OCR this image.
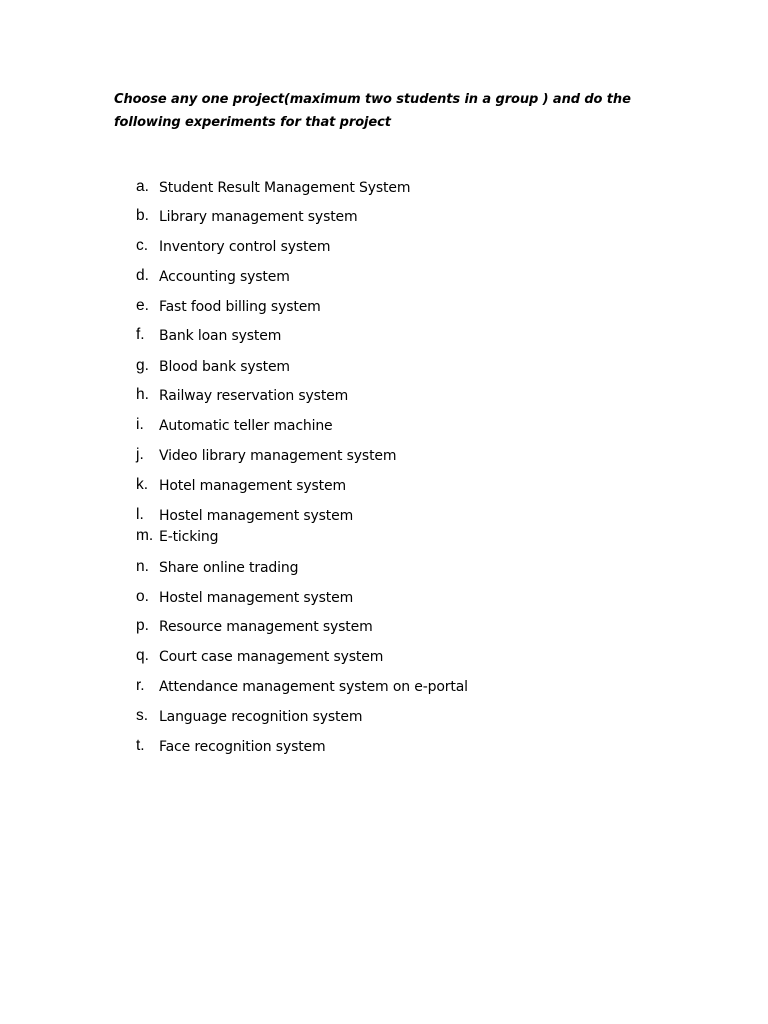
Choose any one project(maximum two students in a group ) and do the
following experiments for that project

a. Student Result Management System
b. Library management system
c. Inventory control system
d. Accounting system
e. Fast food billing system
f. Bank loan system
g. Blood bank system
h. Railway reservation system
i. Automatic teller machine
j. Video library management system
k. Hotel management system
l. Hostel management system
m. E-ticking
n. Share online trading
o. Hostel management system
p. Resource management system
q. Court case management system
r. Attendance management system on e-portal
s. Language recognition system
t. Face recognition system
